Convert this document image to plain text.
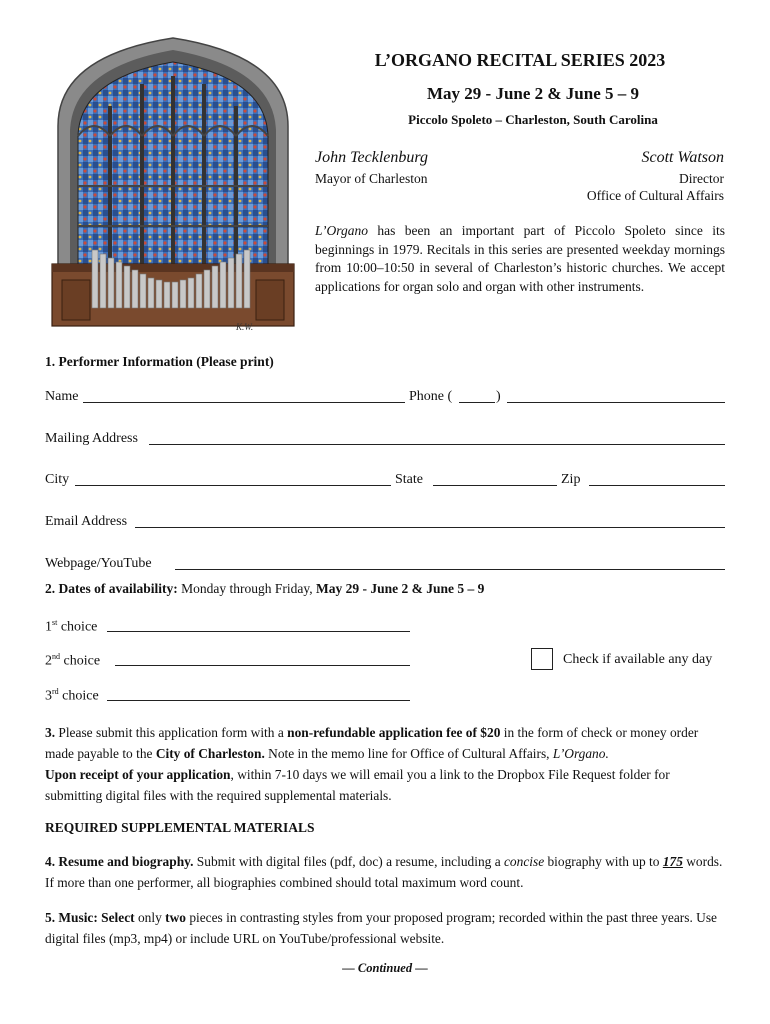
K.W.
L’ORGANO RECITAL SERIES 2023
May 29 - June 2 & June 5 – 9
Piccolo Spoleto – Charleston, South Carolina
John Tecklenburg
Mayor of Charleston
Scott Watson
Director
Office of Cultural Affairs
L’Organo has been an important part of Piccolo Spoleto since its beginnings in 1979. Recitals in this series are presented weekday mornings from 10:00–10:50 in several of Charleston’s historic churches. We accept applications for organ solo and organ with other instruments.
1. Performer Information (Please print)
Name	Phone (	)
Mailing Address
City	State	Zip
Email Address
Webpage/YouTube
2. Dates of availability: Monday through Friday, May 29 - June 2 & June 5 – 9
1st choice
2nd choice
3rd choice
Check if available any day
3. Please submit this application form with a non-refundable application fee of $20 in the form of check or money order made payable to the City of Charleston. Note in the memo line for Office of Cultural Affairs, L’Organo.
Upon receipt of your application, within 7-10 days we will email you a link to the Dropbox File Request folder for submitting digital files with the required supplemental materials.
REQUIRED SUPPLEMENTAL MATERIALS
4. Resume and biography. Submit with digital files (pdf, doc) a resume, including a concise biography with up to 175 words. If more than one performer, all biographies combined should total maximum word count.
5. Music: Select only two pieces in contrasting styles from your proposed program; recorded within the past three years. Use digital files (mp3, mp4) or include URL on YouTube/professional website.
— Continued —
